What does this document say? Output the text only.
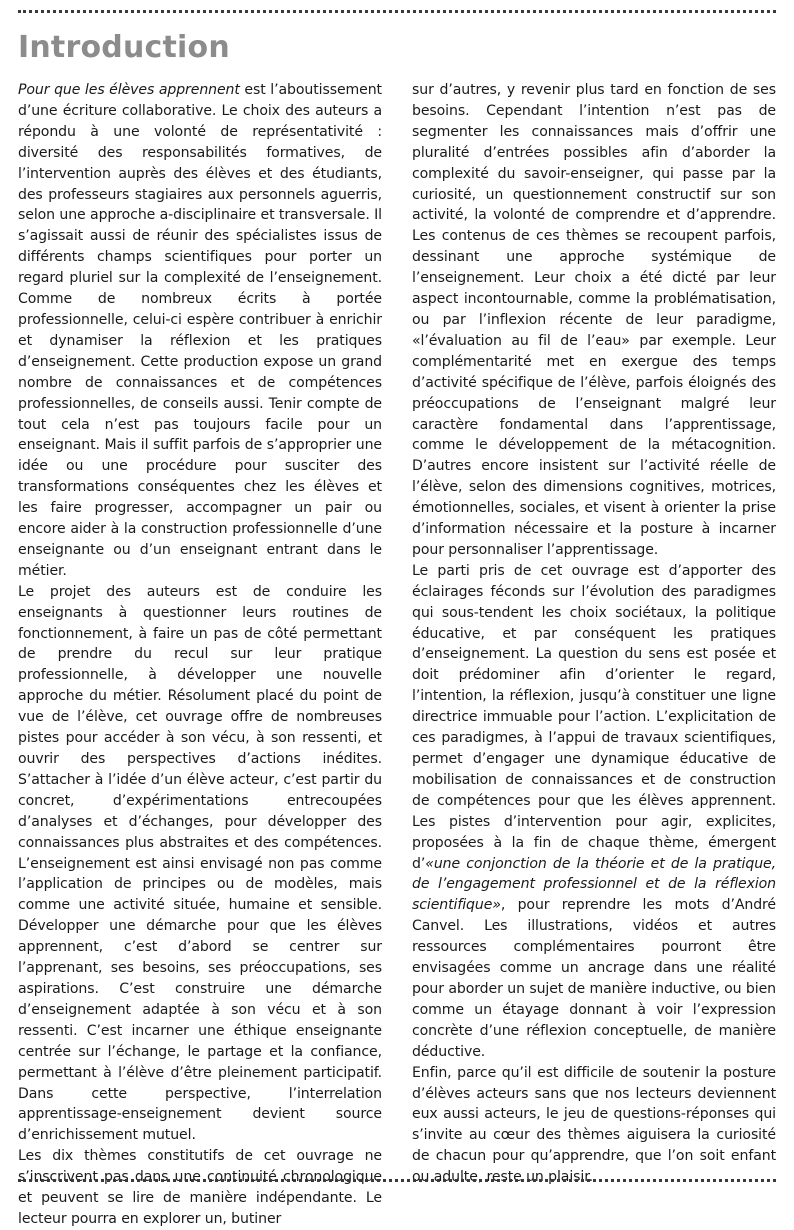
Introduction

Pour que les élèves apprennent est l’aboutissement d’une écriture collaborative. Le choix des auteurs a répondu à une volonté de représentativité : diversité des responsabilités formatives, de l’intervention auprès des élèves et des étudiants, des professeurs stagiaires aux personnels aguerris, selon une approche a-disciplinaire et transversale. Il s’agissait aussi de réunir des spécialistes issus de différents champs scientifiques pour porter un regard pluriel sur la complexité de l’enseignement. Comme de nombreux écrits à portée professionnelle, celui-ci espère contribuer à enrichir et dynamiser la réflexion et les pratiques d’enseignement. Cette production expose un grand nombre de connaissances et de compétences professionnelles, de conseils aussi. Tenir compte de tout cela n’est pas toujours facile pour un enseignant. Mais il suffit parfois de s’approprier une idée ou une procédure pour susciter des transformations conséquentes chez les élèves et les faire progresser, accompagner un pair ou encore aider à la construction professionnelle d’une enseignante ou d’un enseignant entrant dans le métier.

Le projet des auteurs est de conduire les enseignants à questionner leurs routines de fonctionnement, à faire un pas de côté permettant de prendre du recul sur leur pratique professionnelle, à développer une nouvelle approche du métier. Résolument placé du point de vue de l’élève, cet ouvrage offre de nombreuses pistes pour accéder à son vécu, à son ressenti, et ouvrir des perspectives d’actions inédites. S’attacher à l’idée d’un élève acteur, c’est partir du concret, d’expérimentations entrecoupées d’analyses et d’échanges, pour développer des connaissances plus abstraites et des compétences. L’enseignement est ainsi envisagé non pas comme l’application de principes ou de modèles, mais comme une activité située, humaine et sensible. Développer une démarche pour que les élèves apprennent, c’est d’abord se centrer sur l’apprenant, ses besoins, ses préoccupations, ses aspirations. C’est construire une démarche d’enseignement adaptée à son vécu et à son ressenti. C’est incarner une éthique enseignante centrée sur l’échange, le partage et la confiance, permettant à l’élève d’être pleinement participatif. Dans cette perspective, l’interrelation apprentissage-enseignement devient source d’enrichissement mutuel.

Les dix thèmes constitutifs de cet ouvrage ne s’inscrivent pas dans une continuité chronologique et peuvent se lire de manière indépendante. Le lecteur pourra en explorer un, butiner

sur d’autres, y revenir plus tard en fonction de ses besoins. Cependant l’intention n’est pas de segmenter les connaissances mais d’offrir une pluralité d’entrées possibles afin d’aborder la complexité du savoir-enseigner, qui passe par la curiosité, un questionnement constructif sur son activité, la volonté de comprendre et d’apprendre. Les contenus de ces thèmes se recoupent parfois, dessinant une approche systémique de l’enseignement. Leur choix a été dicté par leur aspect incontournable, comme la problématisation, ou par l’inflexion récente de leur paradigme, «l’évaluation au fil de l’eau» par exemple. Leur complémentarité met en exergue des temps d’activité spécifique de l’élève, parfois éloignés des préoccupations de l’enseignant malgré leur caractère fondamental dans l’apprentissage, comme le développement de la métacognition. D’autres encore insistent sur l’activité réelle de l’élève, selon des dimensions cognitives, motrices, émotionnelles, sociales, et visent à orienter la prise d’information nécessaire et la posture à incarner pour personnaliser l’apprentissage.

Le parti pris de cet ouvrage est d’apporter des éclairages féconds sur l’évolution des paradigmes qui sous-tendent les choix sociétaux, la politique éducative, et par conséquent les pratiques d’enseignement. La question du sens est posée et doit prédominer afin d’orienter le regard, l’intention, la réflexion, jusqu’à constituer une ligne directrice immuable pour l’action. L’explicitation de ces paradigmes, à l’appui de travaux scientifiques, permet d’engager une dynamique éducative de mobilisation de connaissances et de construction de compétences pour que les élèves apprennent. Les pistes d’intervention pour agir, explicites, proposées à la fin de chaque thème, émergent d’«une conjonction de la théorie et de la pratique, de l’engagement professionnel et de la réflexion scientifique», pour reprendre les mots d’André Canvel. Les illustrations, vidéos et autres ressources complémentaires pourront être envisagées comme un ancrage dans une réalité pour aborder un sujet de manière inductive, ou bien comme un étayage donnant à voir l’expression concrète d’une réflexion conceptuelle, de manière déductive.

Enfin, parce qu’il est difficile de soutenir la posture d’élèves acteurs sans que nos lecteurs deviennent eux aussi acteurs, le jeu de questions-réponses qui s’invite au cœur des thèmes aiguisera la curiosité de chacun pour qu’apprendre, que l’on soit enfant ou adulte, reste un plaisir.
